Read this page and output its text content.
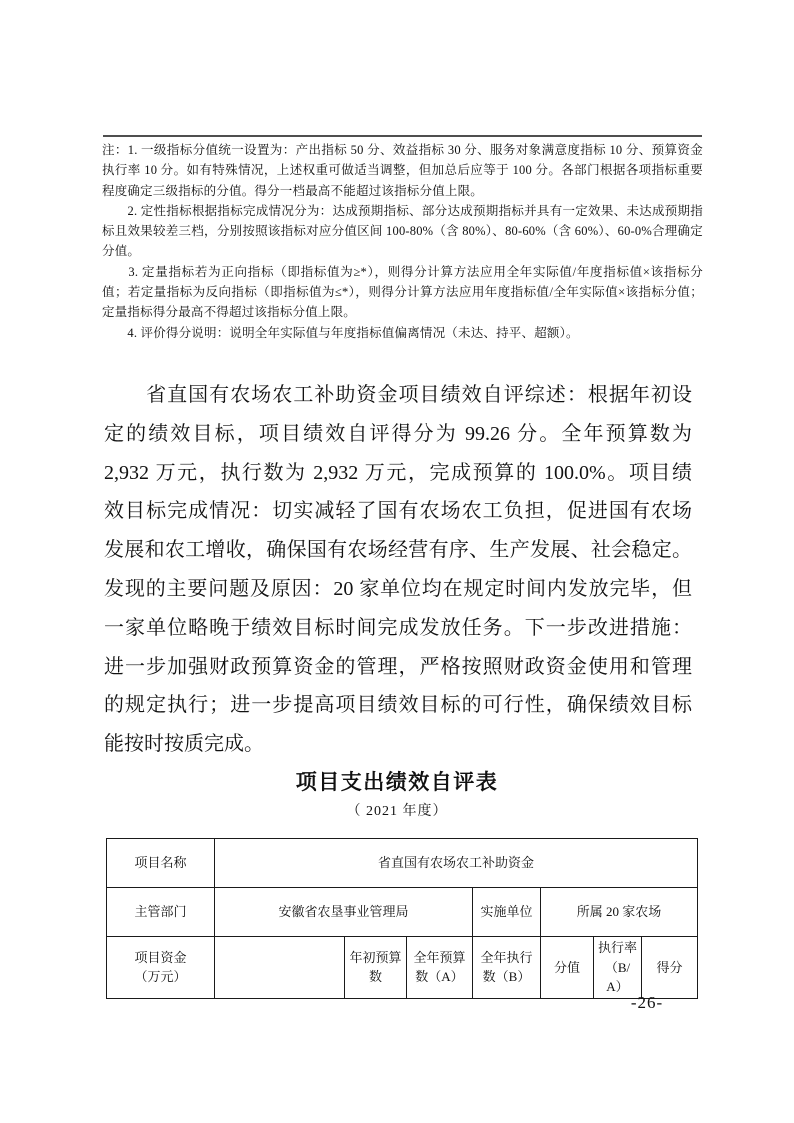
注：1. 一级指标分值统一设置为：产出指标 50 分、效益指标 30 分、服务对象满意度指标 10 分、预算资金
执行率 10 分。如有特殊情况，上述权重可做适当调整，但加总后应等于 100 分。各部门根据各项指标重要
程度确定三级指标的分值。得分一档最高不能超过该指标分值上限。
　　2. 定性指标根据指标完成情况分为：达成预期指标、部分达成预期指标并具有一定效果、未达成预期指
标且效果较差三档，分别按照该指标对应分值区间 100-80%（含 80%）、80-60%（含 60%）、60-0%合理确定
分值。
　　3. 定量指标若为正向指标（即指标值为≥*），则得分计算方法应用全年实际值/年度指标值×该指标分
值；若定量指标为反向指标（即指标值为≤*），则得分计算方法应用年度指标值/全年实际值×该指标分值；
定量指标得分最高不得超过该指标分值上限。
　　4. 评价得分说明：说明全年实际值与年度指标值偏离情况（未达、持平、超额）。
　　省直国有农场农工补助资金项目绩效自评综述：根据年初设
定的绩效目标，项目绩效自评得分为 99.26 分。全年预算数为
2,932 万元，执行数为 2,932 万元，完成预算的 100.0%。项目绩
效目标完成情况：切实减轻了国有农场农工负担，促进国有农场
发展和农工增收，确保国有农场经营有序、生产发展、社会稳定。
发现的主要问题及原因：20 家单位均在规定时间内发放完毕，但
一家单位略晚于绩效目标时间完成发放任务。下一步改进措施：
进一步加强财政预算资金的管理，严格按照财政资金使用和管理
的规定执行；进一步提高项目绩效目标的可行性，确保绩效目标
能按时按质完成。
项目支出绩效自评表
（ 2021 年度）
项目名称	省直国有农场农工补助资金						
主管部门	安徽省农垦事业管理局			实施单位	所属 20 家农场		

项目资金
（万元）		年初预算数	全年预算数（A）	全年执行数（B）	分值	执行率（B/A）	得分
-26-
